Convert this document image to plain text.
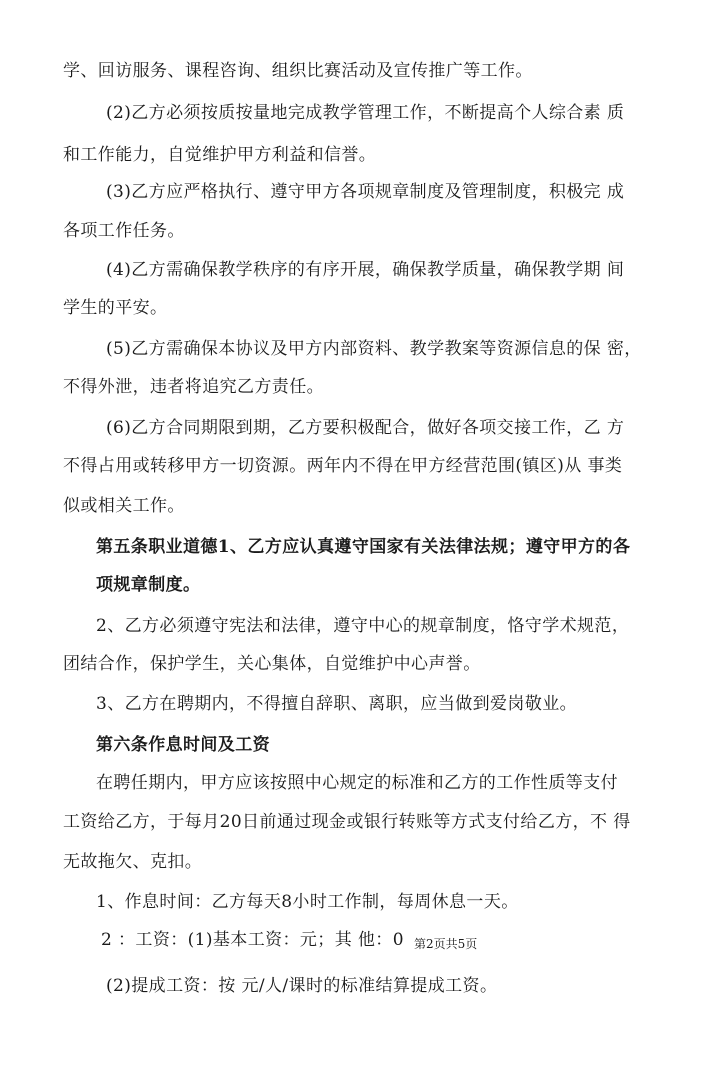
学、回访服务、课程咨询、组织比赛活动及宣传推广等工作。
(2)乙方必须按质按量地完成教学管理工作，不断提高个人综合素 质
和工作能力，自觉维护甲方利益和信誉。
(3)乙方应严格执行、遵守甲方各项规章制度及管理制度，积极完 成
各项工作任务。
(4)乙方需确保教学秩序的有序开展，确保教学质量，确保教学期 间
学生的平安。
(5)乙方需确保本协议及甲方内部资料、教学教案等资源信息的保 密，
不得外泄，违者将追究乙方责任。
(6)乙方合同期限到期，乙方要积极配合，做好各项交接工作，乙 方
不得占用或转移甲方一切资源。两年内不得在甲方经营范围(镇区)从 事类
似或相关工作。
第五条职业道德1、乙方应认真遵守国家有关法律法规；遵守甲方的各
项规章制度。
2、乙方必须遵守宪法和法律，遵守中心的规章制度，恪守学术规范，
团结合作，保护学生，关心集体，自觉维护中心声誉。
3、乙方在聘期内，不得擅自辞职、离职，应当做到爱岗敬业。
第六条作息时间及工资
在聘任期内，甲方应该按照中心规定的标准和乙方的工作性质等支付
工资给乙方，于每月20日前通过现金或银行转账等方式支付给乙方，不 得
无故拖欠、克扣。
1、作息时间：乙方每天8小时工作制，每周休息一天。
2 ：工资：(1)基本工资：元；其 他：0 第2页共5页
(2)提成工资：按 元/人/课时的标准结算提成工资。
